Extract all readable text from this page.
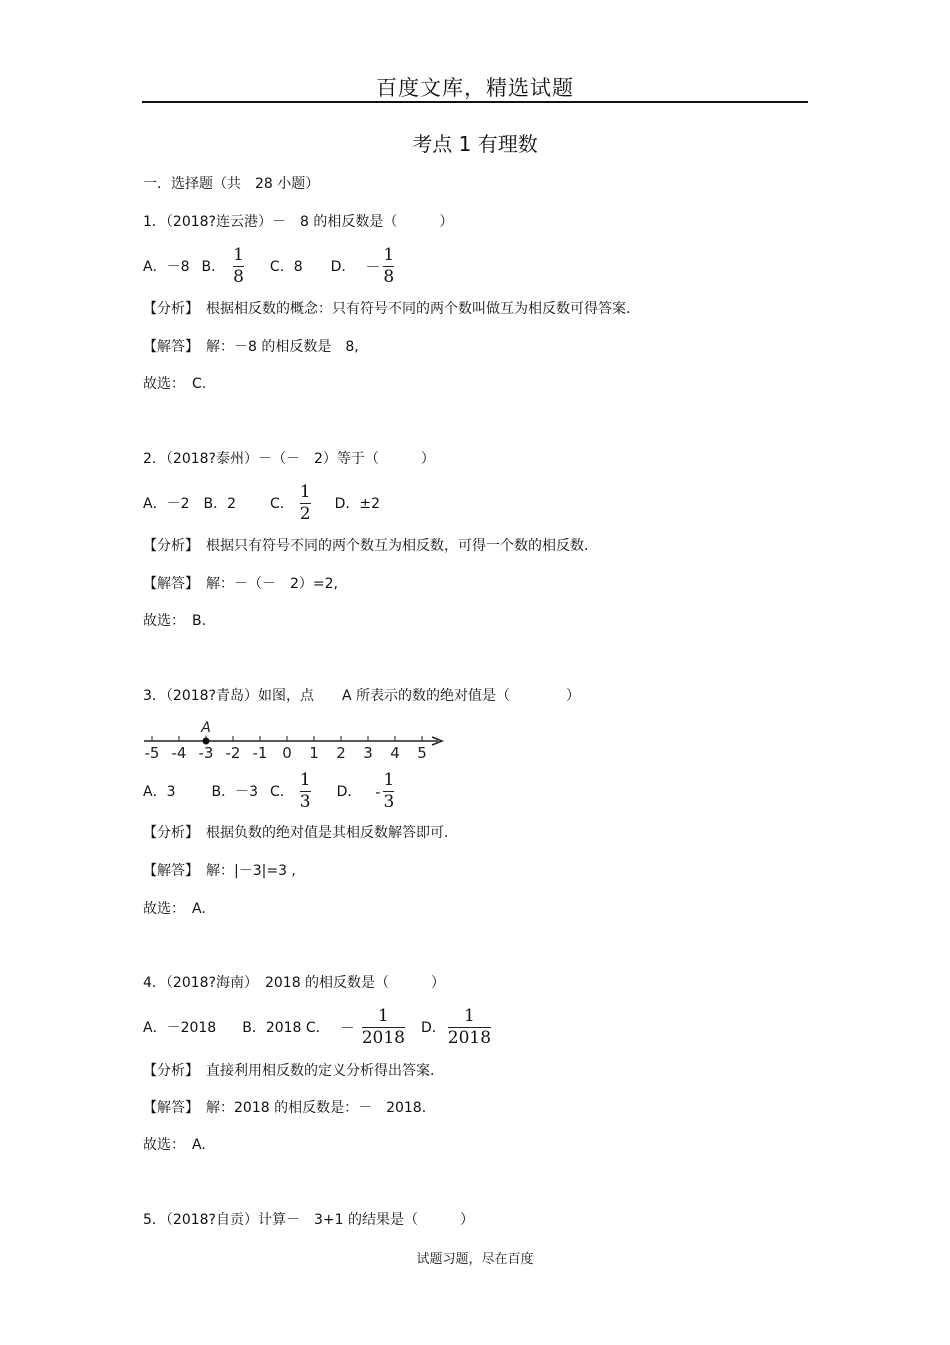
百度文库，精选试题
考点 1 有理数
一．选择题（共　28 小题）
1．（2018?连云港）－　8 的相反数是（　　　）
A．－8 B． $\frac{1}{8}$ C．8 D． － $\frac{1}{8}$
【分析】　根据相反数的概念：只有符号不同的两个数叫做互为相反数可得答案.
【解答】　解：－8 的相反数是　8,
故选：　C.
2．（2018?泰州）－（－　2）等于（　　　）
A．－2 B．2 C． $\frac{1}{2}$ D．±2
【分析】　根据只有符号不同的两个数互为相反数，可得一个数的相反数.
【解答】　解：－（－　2）=2,
故选：　B.
3．（2018?青岛）如图，点　　A 所表示的数的绝对值是（　　　　）
-5 -4 -3 -2 -1 0 1 2 3 4 5
A
A．3	B．－3 C． $\frac{1}{3}$ D． - $\frac{1}{3}$
【分析】　根据负数的绝对值是其相反数解答即可.
【解答】　解：|－3|=3 ,
故选：　A.
4．（2018?海南）　2018 的相反数是（　　　）
A．－2018 B．2018 C． － $\frac{1}{2018}$ D． $\frac{1}{2018}$
【分析】　直接利用相反数的定义分析得出答案.
【解答】　解：2018 的相反数是：－　2018.
故选：　A.
5．（2018?自贡）计算－　3+1 的结果是（　　　）
试题习题，尽在百度
